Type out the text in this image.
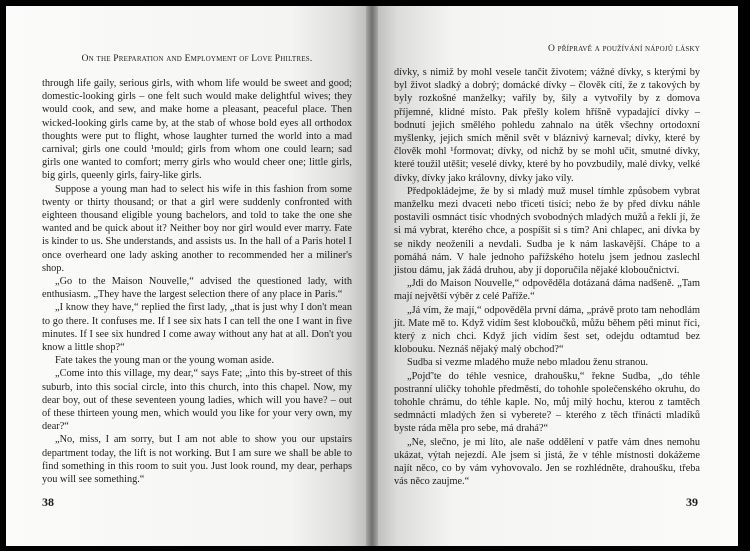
On the Preparation and Employment of Love Philtres.

through life gaily, serious girls, with whom life would be sweet and good; domestic-looking girls – one felt such would make delightful wives; they would cook, and sew, and make home a pleasant, peaceful place. Then wicked-looking girls came by, at the stab of whose bold eyes all orthodox thoughts were put to flight, whose laughter turned the world into a mad carnival; girls one could ¹mould; girls from whom one could learn; sad girls one wanted to comfort; merry girls who would cheer one; little girls, big girls, queenly girls, fairy-like girls.

Suppose a young man had to select his wife in this fashion from some twenty or thirty thousand; or that a girl were suddenly confronted with eighteen thousand eligible young bachelors, and told to take the one she wanted and be quick about it? Neither boy nor girl would ever marry. Fate is kinder to us. She understands, and assists us. In the hall of a Paris hotel I once overheard one lady asking another to recommended her a miliner's shop.

„Go to the Maison Nouvelle,“ advised the questioned lady, with enthusiasm. „They have the largest selection there of any place in Paris.“

„I know they have,“ replied the first lady, „that is just why I don't mean to go there. It confuses me. If I see six hats I can tell the one I want in five minutes. If I see six hundred I come away without any hat at all. Don't you know a little shop?“

Fate takes the young man or the young woman aside.

„Come into this village, my dear,“ says Fate; „into this by-street of this suburb, into this social circle, into this church, into this chapel. Now, my dear boy, out of these seventeen young ladies, which will you have? – out of these thirteen young men, which would you like for your very own, my dear?“

„No, miss, I am sorry, but I am not able to show you our upstairs department today, the lift is not working. But I am sure we shall be able to find something in this room to suit you. Just look round, my dear, perhaps you will see something.“

38
O přípravě a používání nápojů lásky

dívky, s nimiž by mohl vesele tančit životem; vážné dívky, s kterými by byl život sladký a dobrý; domácké dívky – člověk cítí, že z takových by byly rozkošné manželky; vařily by, šily a vytvořily by z domova příjemné, klidné místo. Pak přešly kolem hříšně vypadající dívky – bodnutí jejich smělého pohledu zahnalo na útěk všechny ortodoxní myšlenky, jejich smích měnil svět v bláznivý karneval; dívky, které by člověk mohl ¹formovat; dívky, od nichž by se mohl učit, smutné dívky, které toužil utěšit; veselé dívky, které by ho povzbudily, malé dívky, velké dívky, dívky jako královny, dívky jako víly.

Předpokládejme, že by si mladý muž musel tímhle způsobem vybrat manželku mezi dvaceti nebo třiceti tisíci; nebo že by před dívku náhle postavili osmnáct tisíc vhodných svobodných mladých mužů a řekli jí, že si má vybrat, kterého chce, a pospíšit si s tím? Ani chlapec, ani dívka by se nikdy neoženili a nevdali. Sudba je k nám laskavější. Chápe to a pomáhá nám. V hale jednoho pařížského hotelu jsem jednou zaslechl jistou dámu, jak žádá druhou, aby jí doporučila nějaké kloboučnictví.

„Jdi do Maison Nouvelle,“ odpověděla dotázaná dáma nadšeně. „Tam mají největší výběr z celé Paříže.“

„Já vím, že mají,“ odpověděla první dáma, „právě proto tam nehodlám jít. Mate mě to. Když vidím šest kloboučků, můžu během pěti minut říci, který z nich chci. Když jich vidím šest set, odejdu odtamtud bez klobouku. Neznáš nějaký malý obchod?“

Sudba si vezme mladého muže nebo mladou ženu stranou.

„Pojď'te do téhle vesnice, drahoušku,“ řekne Sudba, „do téhle postranní uličky tohohle předměstí, do tohohle společenského okruhu, do tohohle chrámu, do téhle kaple. No, můj milý hochu, kterou z tamtěch sedmnácti mladých žen si vyberete? – kterého z těch třinácti mladíků byste ráda měla pro sebe, má drahá?“

„Ne, slečno, je mi líto, ale naše oddělení v patře vám dnes nemohu ukázat, výtah nejezdí. Ale jsem si jistá, že v téhle místnosti dokážeme najít něco, co by vám vyhovovalo. Jen se rozhlédněte, drahoušku, třeba vás něco zaujme.“

39
